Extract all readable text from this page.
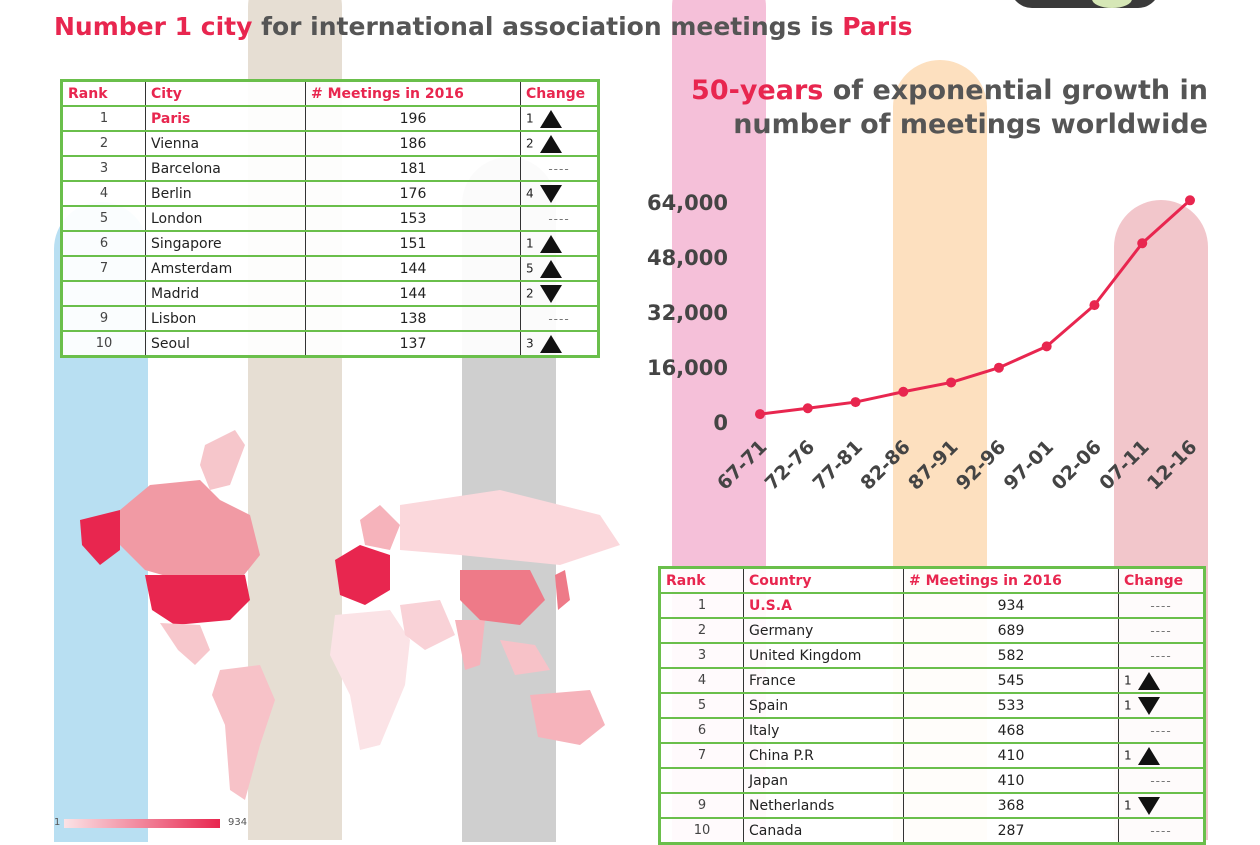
Number 1 city for international association meetings is Paris
Rank	City	# Meetings in 2016	Change
1	Paris	196	1
2	Vienna	186	2
3	Barcelona	181	----

4	Berlin	176	4
5	London	153	----

6	Singapore	151	1
7	Amsterdam	144	5
	Madrid	144	2
9	Lisbon	138	----

10	Seoul	137	3
1	934
50-years of exponential growth in
number of meetings worldwide
0
16,000
32,000
48,000
64,000
67-71
72-76
77-81
82-86
87-91
92-96
97-01
02-06
07-11
12-16
Rank	Country	# Meetings in 2016	Change
1	U.S.A	934	----

2	Germany	689	----

3	United Kingdom	582	----

4	France	545	1
5	Spain	533	1
6	Italy	468	----

7	China P.R	410	1
	Japan	410	----

9	Netherlands	368	1
10	Canada	287	----
